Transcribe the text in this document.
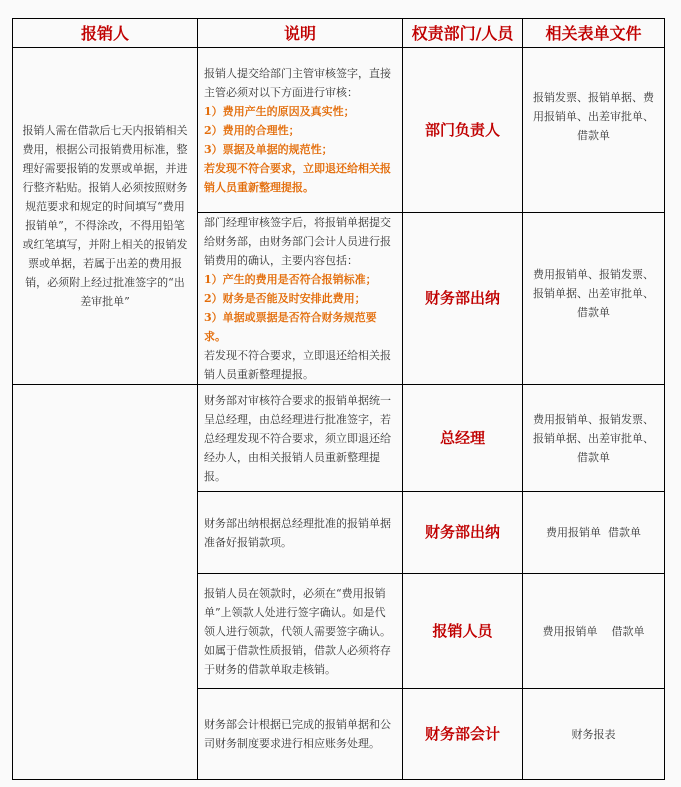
报销人	说明	权责部门/人员	相关表单文件
报销人需在借款后七天内报销相关费用，根据公司报销费用标准，整理好需要报销的发票或单据，并进行整齐粘贴。报销人必须按照财务规范要求和规定的时间填写“费用报销单”，不得涂改，不得用铅笔或红笔填写，并附上相关的报销发票或单据，若属于出差的费用报销，必须附上经过批准签字的“出差审批单”	报销人提交给部门主管审核签字，直接主管必须对以下方面进行审核：
1）费用产生的原因及真实性；
2）费用的合理性；
3）票据及单据的规范性；
若发现不符合要求，立即退还给相关报销人员重新整理提报。	部门负责人	报销发票、报销单据、费用报销单、出差审批单、借款单

	部门经理审核签字后，将报销单据提交给财务部，由财务部门会计人员进行报销费用的确认，主要内容包括：
1）产生的费用是否符合报销标准；
2）财务是否能及时安排此费用；
3）单据或票据是否符合财务规范要求。
若发现不符合要求，立即退还给相关报销人员重新整理提报。	财务部出纳	费用报销单、报销发票、报销单据、出差审批单、借款单

	财务部对审核符合要求的报销单据统一呈总经理，由总经理进行批准签字，若总经理发现不符合要求，须立即退还给经办人，由相关报销人员重新整理提报。	总经理	费用报销单、报销发票、报销单据、出差审批单、借款单

	财务部出纳根据总经理批准的报销单据准备好报销款项。	财务部出纳	费用报销单  借款单

	报销人员在领款时，必须在“费用报销单”上领款人处进行签字确认。如是代领人进行领款，代领人需要签字确认。如属于借款性质报销，借款人必须将存于财务的借款单取走核销。	报销人员	费用报销单    借款单

	财务部会计根据已完成的报销单据和公司财务制度要求进行相应账务处理。	财务部会计	财务报表
